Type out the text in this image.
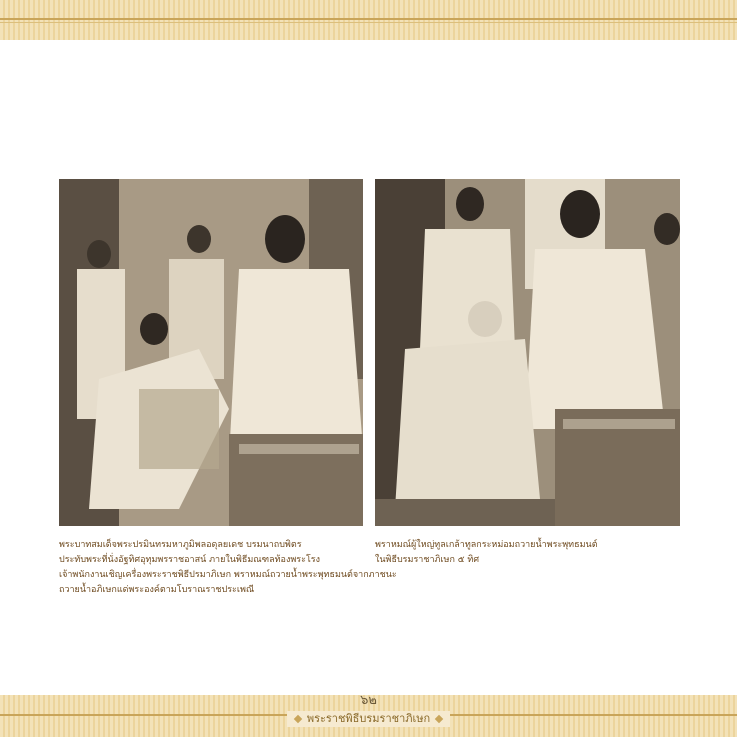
พระบาทสมเด็จพระปรมินทรมหาภูมิพลอดุลยเดช บรมนาถบพิตร
ประทับพระที่นั่งอัฐทิศอุทุมพรราชอาสน์ ภายในพิธีมณฑลท้องพระโรง
เจ้าพนักงานเชิญเครื่องพระราชพิธีปรมาภิเษก พราหมณ์ถวายน้ำพระพุทธมนต์จากภาชนะ
ถวายน้ำอภิเษกแด่พระองค์ตามโบราณราชประเพณี
พราหมณ์ผู้ใหญ่ทูลเกล้าทูลกระหม่อมถวายน้ำพระพุทธมนต์
ในพิธีบรมราชาภิเษก ๕ ทิศ
๖๒
พระราชพิธีบรมราชาภิเษก
